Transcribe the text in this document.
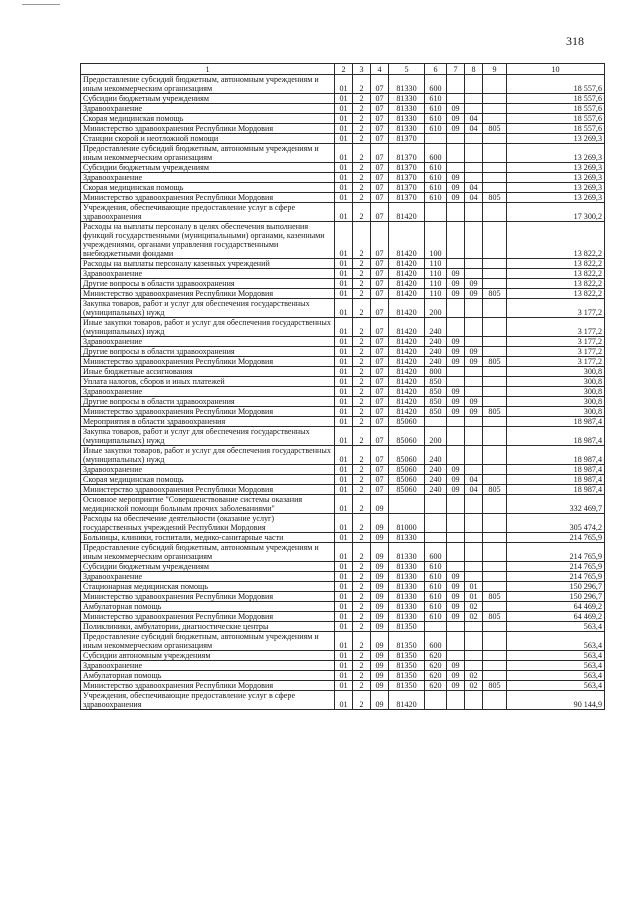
318
1	2	3	4	5	6	7	8	9	10
Предоставление субсидий бюджетным, автономным учреждениям и иным некоммерческим организациям	01	2	07	81330	600				18 557,6
Субсидии бюджетным учреждениям	01	2	07	81330	610				18 557,6
Здравоохранение	01	2	07	81330	610	09			18 557,6
Скорая медицинская помощь	01	2	07	81330	610	09	04		18 557,6
Министерство здравоохранения Республики Мордовия	01	2	07	81330	610	09	04	805	18 557,6
Станции скорой и неотложной помощи	01	2	07	81370					13 269,3
Предоставление субсидий бюджетным, автономным учреждениям и иным некоммерческим организациям	01	2	07	81370	600				13 269,3
Субсидии бюджетным учреждениям	01	2	07	81370	610				13 269,3
Здравоохранение	01	2	07	81370	610	09			13 269,3
Скорая медицинская помощь	01	2	07	81370	610	09	04		13 269,3
Министерство здравоохранения Республики Мордовия	01	2	07	81370	610	09	04	805	13 269,3
Учреждения, обеспечивающие предоставление услуг в сфере здравоохранения	01	2	07	81420					17 300,2
Расходы на выплаты персоналу в целях обеспечения выполнения функций государственными (муниципальными) органами, казенными учреждениями, органами управления государственными внебюджетными фондами	01	2	07	81420	100				13 822,2
Расходы на выплаты персоналу казенных учреждений	01	2	07	81420	110				13 822,2
Здравоохранение	01	2	07	81420	110	09			13 822,2
Другие вопросы в области здравоохранения	01	2	07	81420	110	09	09		13 822,2
Министерство здравоохранения Республики Мордовия	01	2	07	81420	110	09	09	805	13 822,2
Закупка товаров, работ и услуг для обеспечения государственных (муниципальных) нужд	01	2	07	81420	200				3 177,2
Иные закупки товаров, работ и услуг для обеспечения государственных (муниципальных) нужд	01	2	07	81420	240				3 177,2
Здравоохранение	01	2	07	81420	240	09			3 177,2
Другие вопросы в области здравоохранения	01	2	07	81420	240	09	09		3 177,2
Министерство здравоохранения Республики Мордовия	01	2	07	81420	240	09	09	805	3 177,2
Иные бюджетные ассигнования	01	2	07	81420	800				300,8
Уплата налогов, сборов и иных платежей	01	2	07	81420	850				300,8
Здравоохранение	01	2	07	81420	850	09			300,8
Другие вопросы в области здравоохранения	01	2	07	81420	850	09	09		300,8
Министерство здравоохранения Республики Мордовия	01	2	07	81420	850	09	09	805	300,8
Мероприятия в области здравоохранения	01	2	07	85060					18 987,4
Закупка товаров, работ и услуг для обеспечения государственных (муниципальных) нужд	01	2	07	85060	200				18 987,4
Иные закупки товаров, работ и услуг для обеспечения государственных (муниципальных) нужд	01	2	07	85060	240				18 987,4
Здравоохранение	01	2	07	85060	240	09			18 987,4
Скорая медицинская помощь	01	2	07	85060	240	09	04		18 987,4
Министерство здравоохранения Республики Мордовия	01	2	07	85060	240	09	04	805	18 987,4
Основное мероприятие "Совершенствование системы оказания медицинской помощи больным прочих заболеваниями"	01	2	09						332 469,7
Расходы на обеспечение деятельности (оказание услуг) государственных учреждений Республики Мордовия	01	2	09	81000					305 474,2
Больницы, клиники, госпитали, медико-санитарные части	01	2	09	81330					214 765,9
Предоставление субсидий бюджетным, автономным учреждениям и иным некоммерческим организациям	01	2	09	81330	600				214 765,9
Субсидии бюджетным учреждениям	01	2	09	81330	610				214 765,9
Здравоохранение	01	2	09	81330	610	09			214 765,9
Стационарная медицинская помощь	01	2	09	81330	610	09	01		150 296,7
Министерство здравоохранения Республики Мордовия	01	2	09	81330	610	09	01	805	150 296,7
Амбулаторная помощь	01	2	09	81330	610	09	02		64 469,2
Министерство здравоохранения Республики Мордовия	01	2	09	81330	610	09	02	805	64 469,2
Поликлиники, амбулатории, диагностические центры	01	2	09	81350					563,4
Предоставление субсидий бюджетным, автономным учреждениям и иным некоммерческим организациям	01	2	09	81350	600				563,4
Субсидии автономным учреждениям	01	2	09	81350	620				563,4
Здравоохранение	01	2	09	81350	620	09			563,4
Амбулаторная помощь	01	2	09	81350	620	09	02		563,4
Министерство здравоохранения Республики Мордовия	01	2	09	81350	620	09	02	805	563,4
Учреждения, обеспечивающие предоставление услуг в сфере здравоохранения	01	2	09	81420					90 144,9
